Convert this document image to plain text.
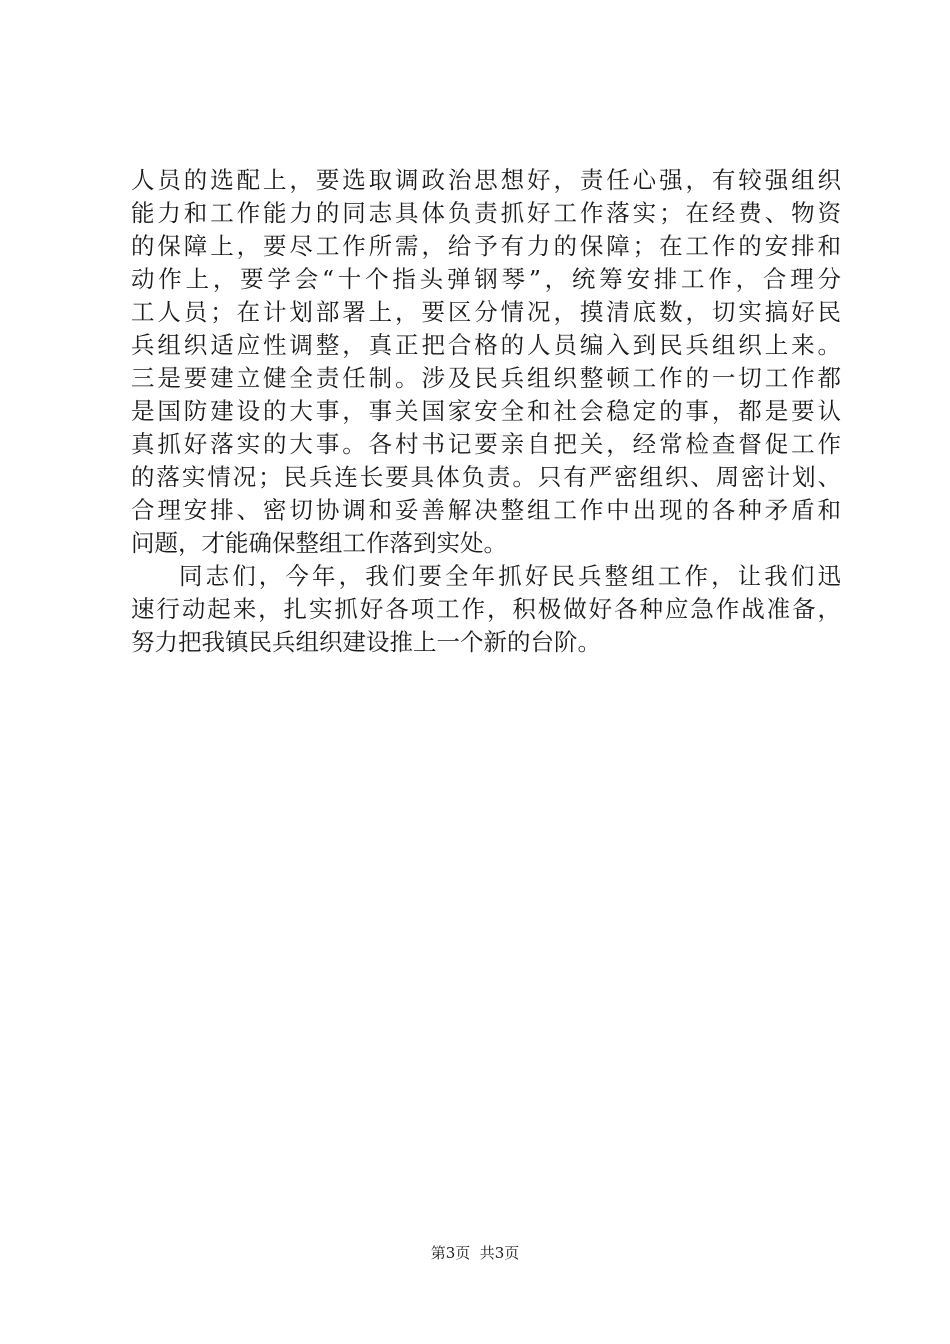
人员的选配上，要选取调政治思想好，责任心强，有较强组织
能力和工作能力的同志具体负责抓好工作落实；在经费、物资
的保障上，要尽工作所需，给予有力的保障；在工作的安排和
动作上，要学会“十个指头弹钢琴”，统筹安排工作，合理分
工人员；在计划部署上，要区分情况，摸清底数，切实搞好民
兵组织适应性调整，真正把合格的人员编入到民兵组织上来。
三是要建立健全责任制。涉及民兵组织整顿工作的一切工作都
是国防建设的大事，事关国家安全和社会稳定的事，都是要认
真抓好落实的大事。各村书记要亲自把关，经常检查督促工作
的落实情况；民兵连长要具体负责。只有严密组织、周密计划、
合理安排、密切协调和妥善解决整组工作中出现的各种矛盾和
问题，才能确保整组工作落到实处。
同志们，今年，我们要全年抓好民兵整组工作，让我们迅
速行动起来，扎实抓好各项工作，积极做好各种应急作战准备，
努力把我镇民兵组织建设推上一个新的台阶。
第3页  共3页
